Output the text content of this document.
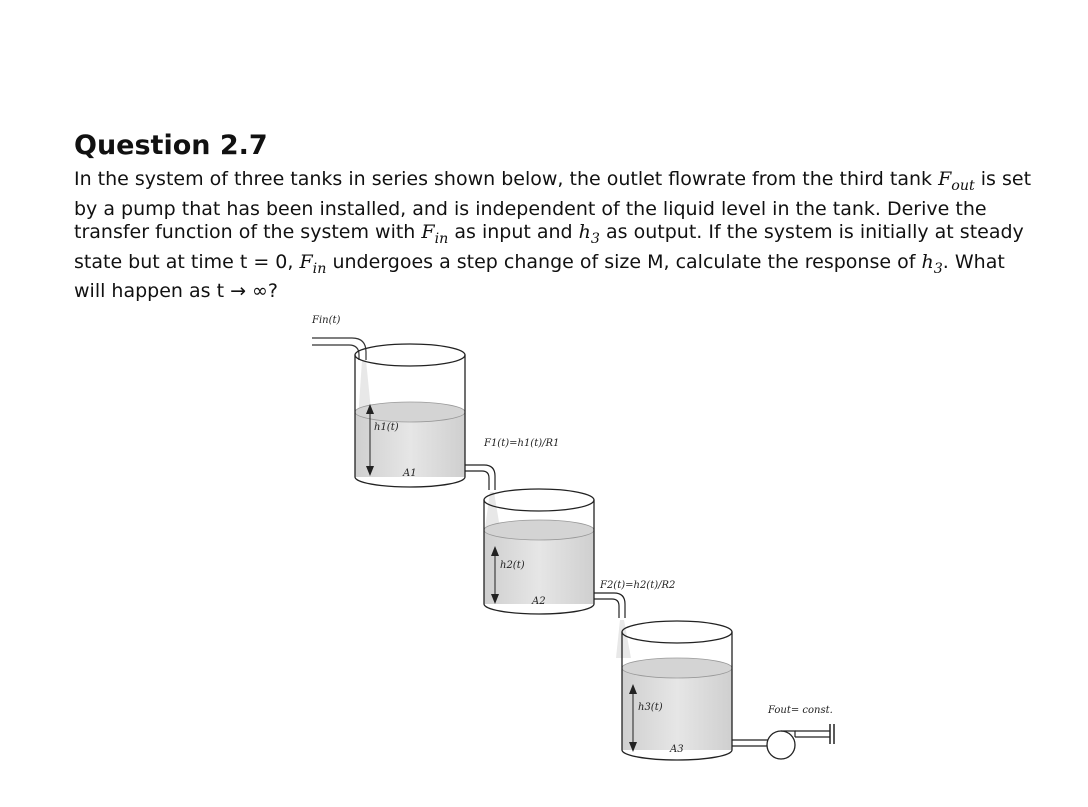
Question 2.7

In the system of three tanks in series shown below, the outlet flowrate from the third tank $F_{out}$ is set by a pump that has been installed, and is independent of the liquid level in the tank. Derive the transfer function of the system with $F_{in}$ as input and $h_3$ as output. If the system is initially at steady state but at time t = 0, $F_{in}$ undergoes a step change of size M, calculate the response of $h_3$. What will happen as t → ∞?

Fin(t)
h1(t)
A1
F1(t)=h1(t)/R1
h2(t)
A2
F2(t)=h2(t)/R2
h3(t)
A3
Fout= const.
